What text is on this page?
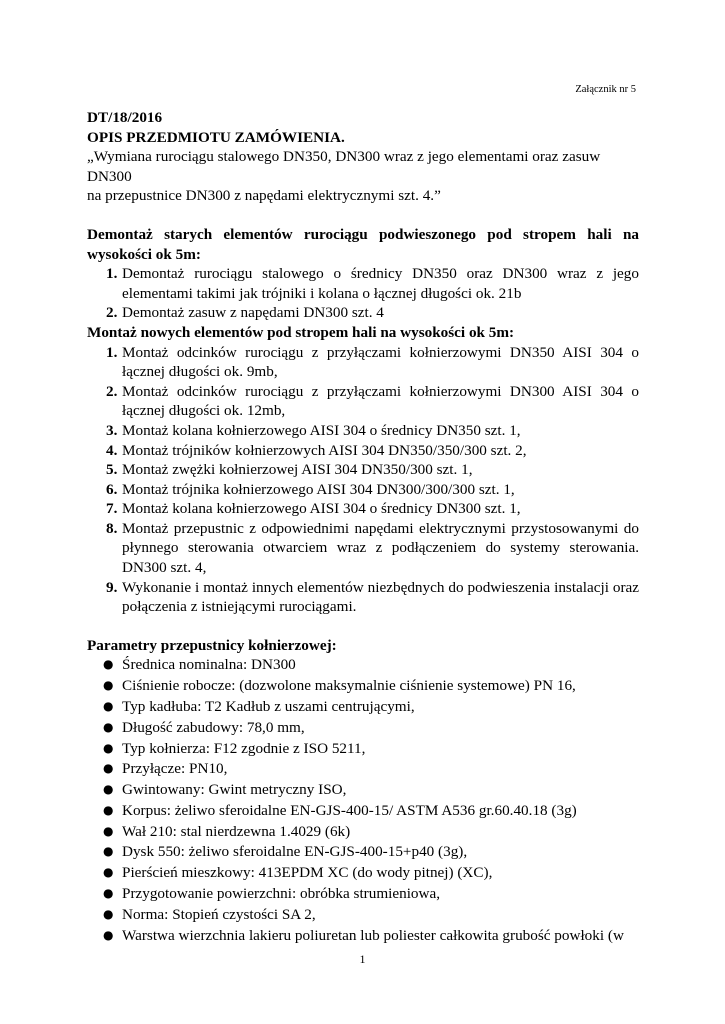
Załącznik nr 5
DT/18/2016
OPIS PRZEDMIOTU ZAMÓWIENIA.
„Wymiana rurociągu stalowego DN350, DN300 wraz z jego elementami oraz zasuw DN300
na przepustnice DN300 z napędami elektrycznymi szt. 4.”
Demontaż starych elementów rurociągu podwieszonego pod stropem hali na wysokości ok 5m:
1. Demontaż rurociągu stalowego o średnicy DN350 oraz DN300 wraz z jego elementami takimi jak trójniki i kolana o łącznej długości ok. 21b
2. Demontaż zasuw z napędami DN300 szt. 4
Montaż nowych elementów pod stropem hali na wysokości ok 5m:
1. Montaż odcinków rurociągu z przyłączami kołnierzowymi DN350 AISI 304 o łącznej długości ok. 9mb,
2. Montaż odcinków rurociągu z przyłączami kołnierzowymi DN300 AISI 304 o łącznej długości ok. 12mb,
3. Montaż kolana kołnierzowego AISI 304 o średnicy DN350 szt. 1,
4. Montaż trójników kołnierzowych AISI 304 DN350/350/300 szt. 2,
5. Montaż zwężki kołnierzowej AISI 304 DN350/300 szt. 1,
6. Montaż trójnika kołnierzowego AISI 304 DN300/300/300 szt. 1,
7. Montaż kolana kołnierzowego AISI 304 o średnicy DN300 szt. 1,
8. Montaż przepustnic z odpowiednimi napędami elektrycznymi przystosowanymi do płynnego sterowania otwarciem wraz z podłączeniem do systemy sterowania. DN300 szt. 4,
9. Wykonanie i montaż innych elementów niezbędnych do podwieszenia instalacji oraz połączenia z istniejącymi rurociągami.
Parametry przepustnicy kołnierzowej:
● Średnica nominalna: DN300
● Ciśnienie robocze: (dozwolone maksymalnie ciśnienie systemowe) PN 16,
● Typ kadłuba: T2 Kadłub z uszami centrującymi,
● Długość zabudowy: 78,0 mm,
● Typ kołnierza: F12 zgodnie z ISO 5211,
● Przyłącze: PN10,
● Gwintowany: Gwint metryczny ISO,
● Korpus: żeliwo sferoidalne EN-GJS-400-15/ ASTM A536 gr.60.40.18 (3g)
● Wał 210: stal nierdzewna 1.4029 (6k)
● Dysk 550: żeliwo sferoidalne EN-GJS-400-15+p40 (3g),
● Pierścień mieszkowy: 413EPDM XC (do wody pitnej) (XC),
● Przygotowanie powierzchni: obróbka strumieniowa,
● Norma: Stopień czystości SA 2,
● Warstwa wierzchnia lakieru poliuretan lub poliester całkowita grubość powłoki (w
1
